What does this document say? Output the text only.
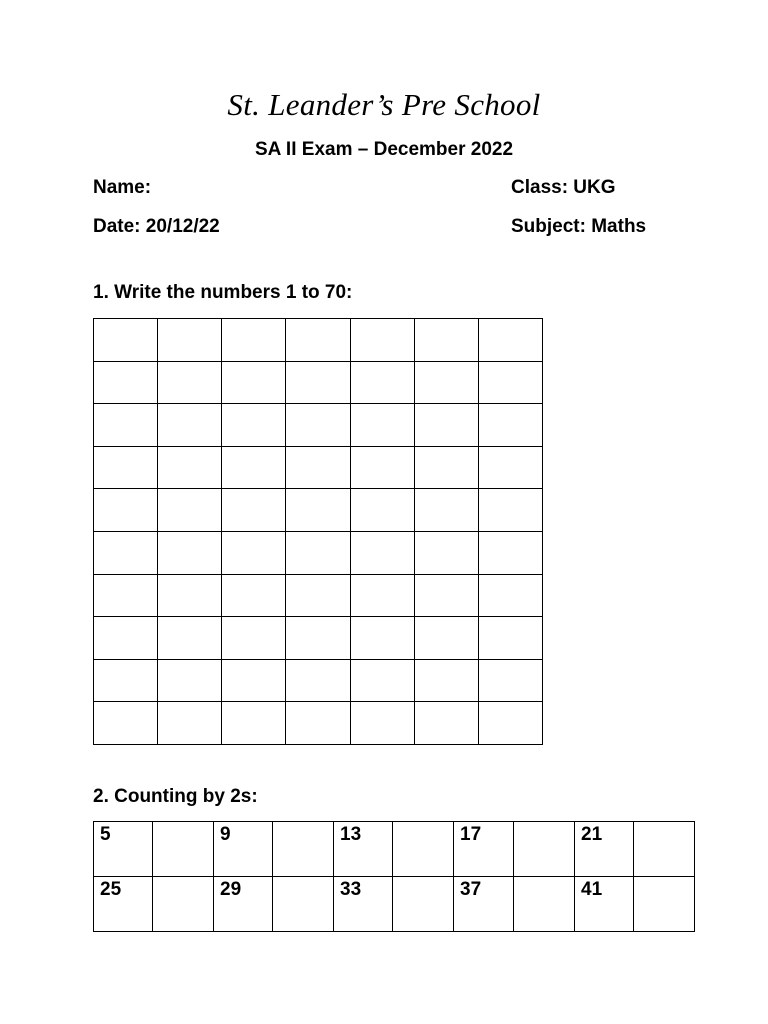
St. Leander’s Pre School
SA II Exam – December 2022
Name:	Class: UKG
Date: 20/12/22	Subject: Maths
1. Write the numbers 1 to 70:

2. Counting by 2s:
5		9		13		17		21	
25		29		33		37		41	
